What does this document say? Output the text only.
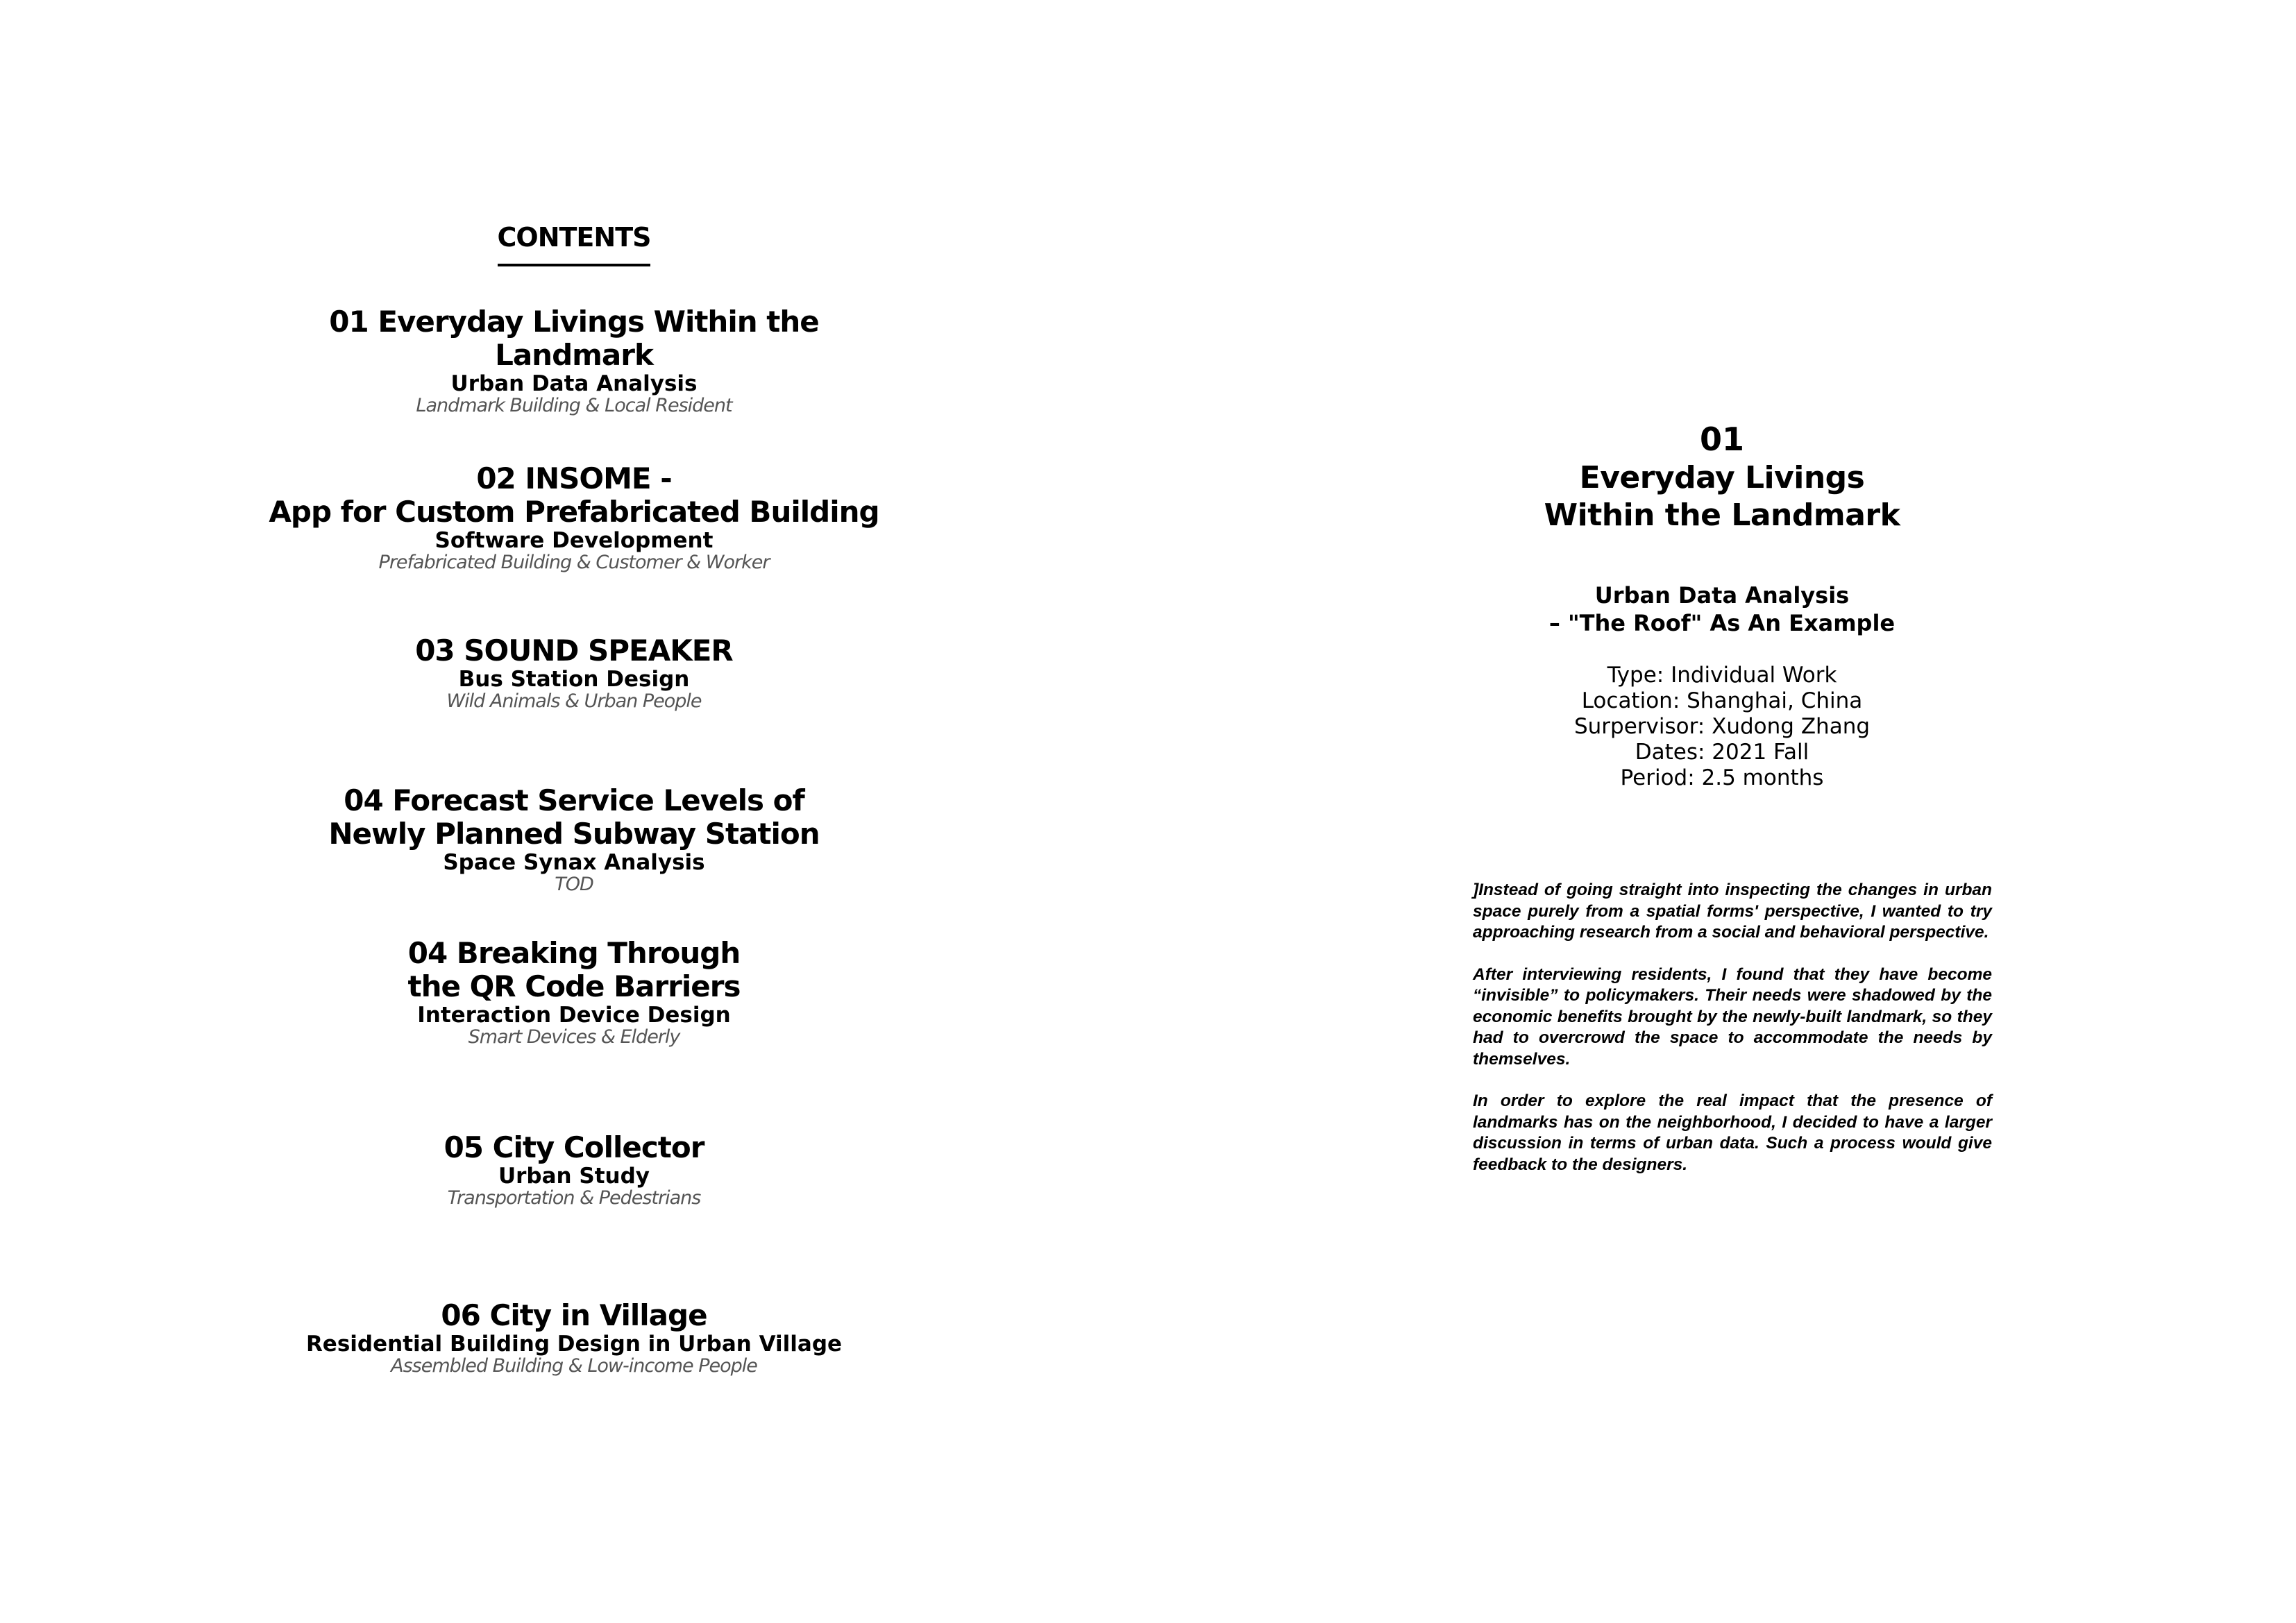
CONTENTS
01 Everyday Livings Within the
Landmark
Urban Data Analysis
Landmark Building & Local Resident
02 INSOME -
App for Custom Prefabricated Building
Software Development
Prefabricated Building & Customer & Worker
03 SOUND SPEAKER
Bus Station Design
Wild Animals & Urban People
04 Forecast Service Levels of
Newly Planned Subway Station
Space Synax Analysis
TOD
04 Breaking Through
the QR Code Barriers
Interaction Device Design
Smart Devices & Elderly
05 City Collector
Urban Study
Transportation & Pedestrians
06 City in Village
Residential Building Design in Urban Village
Assembled Building & Low-income People
01
Everyday Livings
Within the Landmark
Urban Data Analysis
– "The Roof" As An Example
Type: Individual Work
Location: Shanghai, China
Surpervisor: Xudong Zhang
Dates: 2021 Fall
Period: 2.5 months

]Instead of going straight into inspecting the changes in urban space purely from a spatial forms' perspective, I wanted to try approaching research from a social and behavioral perspective.

After interviewing residents, I found that they have become “invisible” to policymakers. Their needs were shadowed by the economic benefits brought by the newly-built landmark, so they had to overcrowd the space to accommodate the needs by themselves.

In order to explore the real impact that the presence of landmarks has on the neighborhood, I decided to have a larger discussion in terms of urban data. Such a process would give feedback to the designers.
